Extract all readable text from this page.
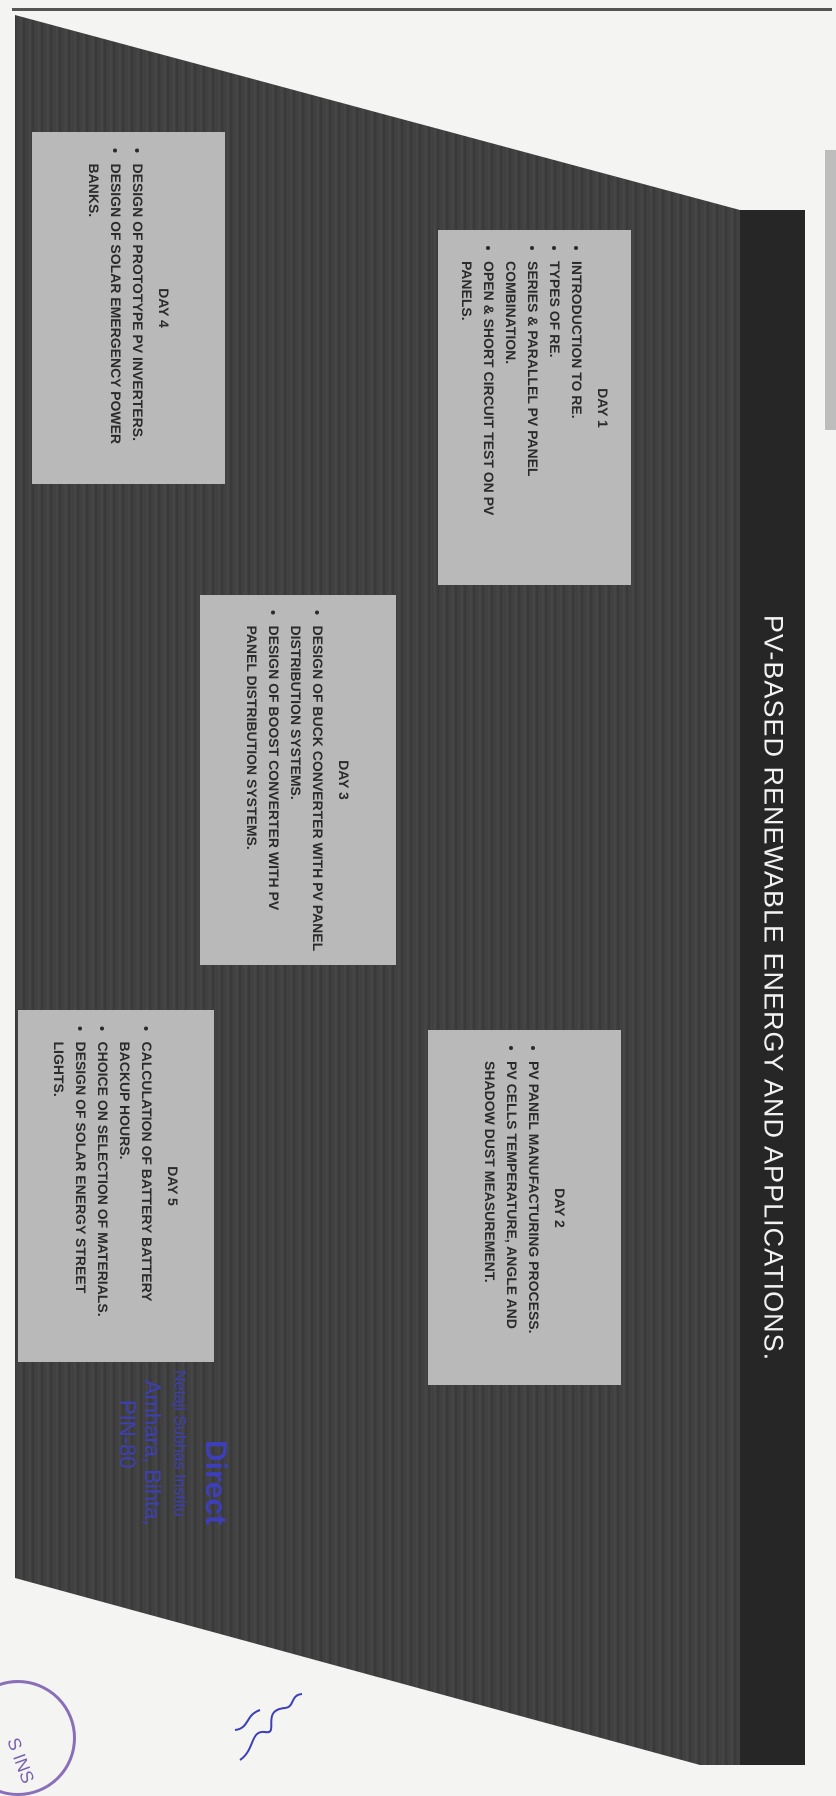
PV-BASED RENEWABLE ENERGY AND APPLICATIONS.
DAY 1
• INTRODUCTION TO RE.
• TYPES OF RE.
• SERIES & PARALLEL PV PANEL COMBINATION.
• OPEN & SHORT CIRCUIT TEST ON PV PANELS.
DAY 2
• PV PANEL MANUFACTURING PROCESS.
• PV CELLS TEMPERATURE, ANGLE AND SHADOW DUST MEASUREMENT.
DAY 3
• DESIGN OF BUCK CONVERTER WITH PV PANEL DISTRIBUTION SYSTEMS.
• DESIGN OF BOOST CONVERTER WITH PV PANEL DISTRIBUTION SYSTEMS.
DAY 4
• DESIGN OF PROTOTYPE PV INVERTERS.
• DESIGN OF SOLAR EMERGENCY POWER BANKS.
DAY 5
• CALCULATION OF BATTERY BATTERY BACKUP HOURS.
• CHOICE ON SELECTION OF MATERIALS.
• DESIGN OF SOLAR ENERGY STREET LIGHTS.
Direct
Netaji Subhas Institu
Amhara, Bihta,
PIN-80
S INS
